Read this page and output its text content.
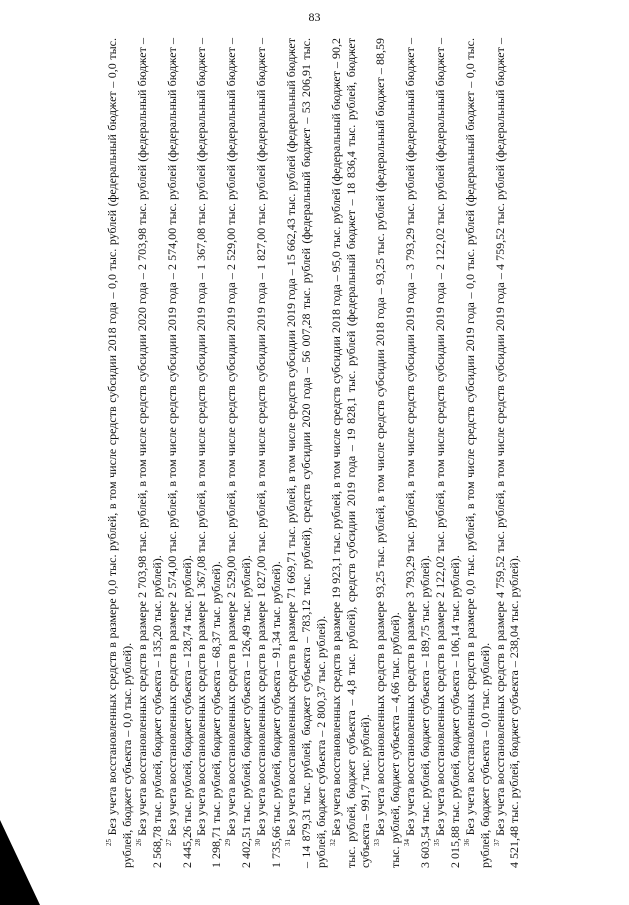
83

$^{25}$ Без учета восстановленных средств в размере 0,0 тыс. рублей, в том числе средств субсидии 2018 года – 0,0 тыс. рублей (федеральный бюджет – 0,0 тыс. рублей, бюджет субъекта – 0,0 тыс. рублей). $^{26}$ Без учета восстановленных средств в размере 2 703,98 тыс. рублей, в том числе средств субсидии 2020 года – 2 703,98 тыс. рублей (федеральный бюджет – 2 568,78 тыс. рублей, бюджет субъекта – 135,20 тыс. рублей). $^{27}$ Без учета восстановленных средств в размере 2 574,00 тыс. рублей, в том числе средств субсидии 2019 года – 2 574,00 тыс. рублей (федеральный бюджет – 2 445,26 тыс. рублей, бюджет субъекта – 128,74 тыс. рублей). $^{28}$ Без учета восстановленных средств в размере 1 367,08 тыс. рублей, в том числе средств субсидии 2019 года – 1 367,08 тыс. рублей (федеральный бюджет – 1 298,71 тыс. рублей, бюджет субъекта – 68,37 тыс. рублей). $^{29}$ Без учета восстановленных средств в размере 2 529,00 тыс. рублей, в том числе средств субсидии 2019 года – 2 529,00 тыс. рублей (федеральный бюджет – 2 402,51 тыс. рублей, бюджет субъекта – 126,49 тыс. рублей). $^{30}$ Без учета восстановленных средств в размере 1 827,00 тыс. рублей, в том числе средств субсидии 2019 года – 1 827,00 тыс. рублей (федеральный бюджет – 1 735,66 тыс. рублей, бюджет субъекта – 91,34 тыс. рублей). $^{31}$ Без учета восстановленных средств в размере 71 669,71 тыс. рублей, в том числе средств субсидии 2019 года – 15 662,43 тыс. рублей (федеральный бюджет – 14 879,31 тыс. рублей, бюджет субъекта – 783,12 тыс. рублей), средств субсидии 2020 года – 56 007,28 тыс. рублей (федеральный бюджет – 53 206,91 тыс. рублей, бюджет субъекта – 2 800,37 тыс. рублей). $^{32}$ Без учета восстановленных средств в размере 19 923,1 тыс. рублей, в том числе средств субсидии 2018 года – 95,0 тыс. рублей (федеральный бюджет – 90,2 тыс. рублей, бюджет субъекта – 4,8 тыс. рублей), средств субсидии 2019 года – 19 828,1 тыс. рублей (федеральный бюджет – 18 836,4 тыс. рублей, бюджет субъекта – 991,7 тыс. рублей). $^{33}$ Без учета восстановленных средств в размере 93,25 тыс. рублей, в том числе средств субсидии 2018 года – 93,25 тыс. рублей (федеральный бюджет – 88,59 тыс. рублей, бюджет субъекта – 4,66 тыс. рублей). $^{34}$ Без учета восстановленных средств в размере 3 793,29 тыс. рублей, в том числе средств субсидии 2019 года – 3 793,29 тыс. рублей (федеральный бюджет – 3 603,54 тыс. рублей, бюджет субъекта – 189,75 тыс. рублей). $^{35}$ Без учета восстановленных средств в размере 2 122,02 тыс. рублей, в том числе средств субсидии 2019 года – 2 122,02 тыс. рублей (федеральный бюджет – 2 015,88 тыс. рублей, бюджет субъекта – 106,14 тыс. рублей). $^{36}$ Без учета восстановленных средств в размере 0,0 тыс. рублей, в том числе средств субсидии 2019 года – 0,0 тыс. рублей (федеральный бюджет – 0,0 тыс. рублей, бюджет субъекта – 0,0 тыс. рублей). $^{37}$ Без учета восстановленных средств в размере 4 759,52 тыс. рублей, в том числе средств субсидии 2019 года – 4 759,52 тыс. рублей (федеральный бюджет – 4 521,48 тыс. рублей, бюджет субъекта – 238,04 тыс. рублей).
